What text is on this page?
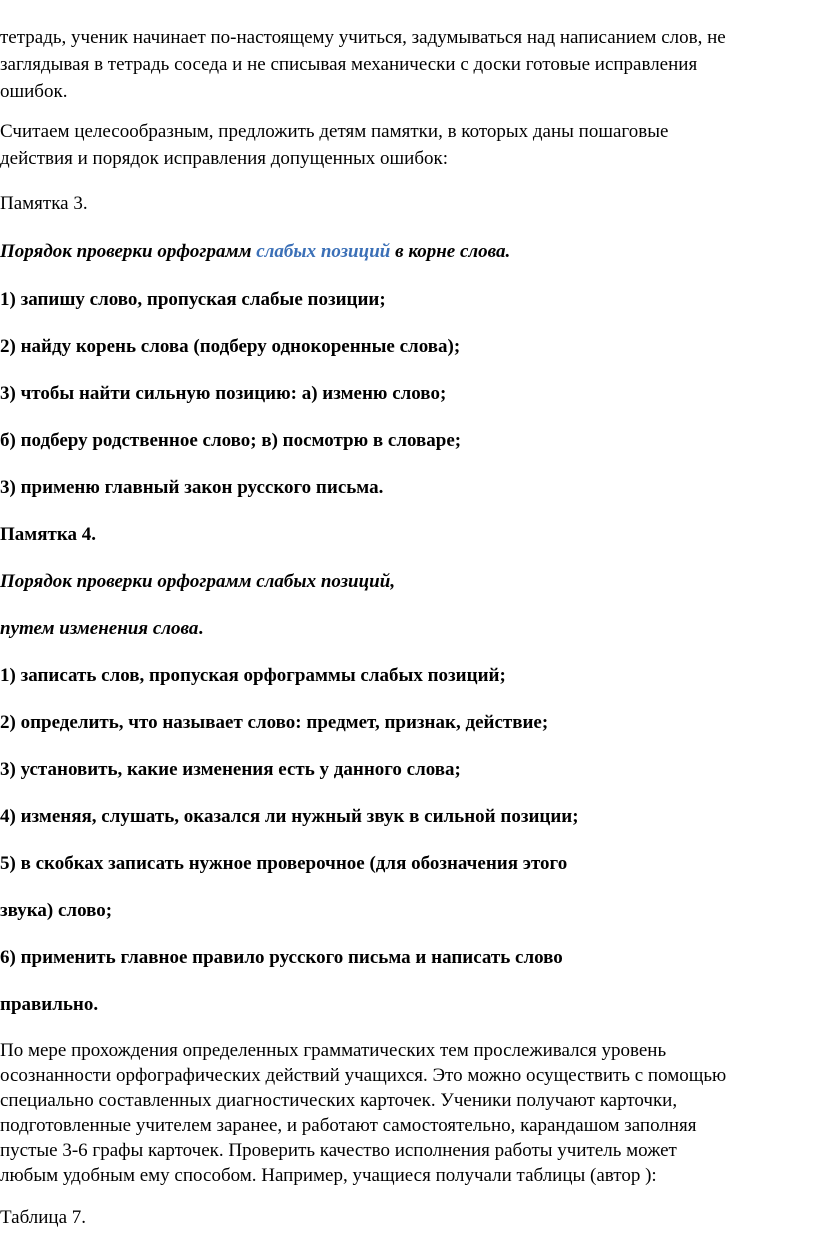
тетрадь, ученик начинает по-настоящему учиться, задумываться над написанием слов, не
заглядывая в тетрадь соседа и не списывая механически с доски готовые исправления
ошибок.
Считаем целесообразным, предложить детям памятки, в которых даны пошаговые
действия и порядок исправления допущенных ошибок:
Памятка 3.
Порядок проверки орфограмм слабых позиций в корне слова.
1) запишу слово, пропуская слабые позиции;
2) найду корень слова (подберу однокоренные слова);
3) чтобы найти сильную позицию: а) изменю слово;
б) подберу родственное слово; в) посмотрю в словаре;
3) применю главный закон русского письма.
Памятка 4.
Порядок проверки орфограмм слабых позиций,
путем изменения слова.
1) записать слов, пропуская орфограммы слабых позиций;
2) определить, что называет слово: предмет, признак, действие;
3) установить, какие изменения есть у данного слова;
4) изменяя, слушать, оказался ли нужный звук в сильной позиции;
5) в скобках записать нужное проверочное (для обозначения этого
звука) слово;
6) применить главное правило русского письма и написать слово
правильно.
По мере прохождения определенных грамматических тем прослеживался уровень
осознанности орфографических действий учащихся. Это можно осуществить с помощью
специально составленных диагностических карточек. Ученики получают карточки,
подготовленные учителем заранее, и работают самостоятельно, карандашом заполняя
пустые 3-6 графы карточек. Проверить качество исполнения работы учитель может
любым удобным ему способом. Например, учащиеся получали таблицы (автор ):
Таблица 7.
